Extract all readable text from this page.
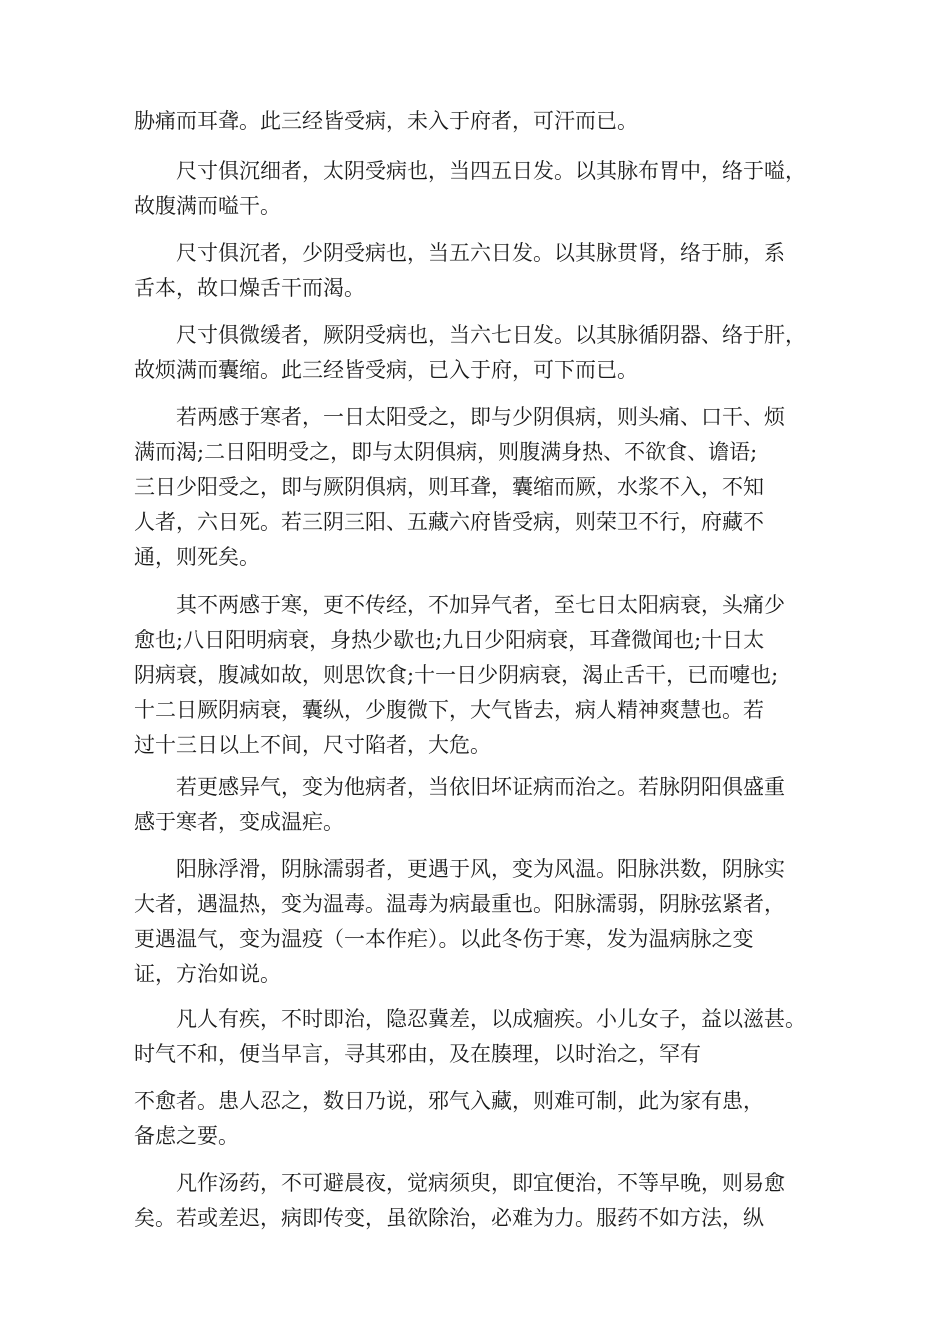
胁痛而耳聋。此三经皆受病，未入于府者，可汗而已。

尺寸俱沉细者，太阴受病也，当四五日发。以其脉布胃中，络于嗌，
故腹满而嗌干。

尺寸俱沉者，少阴受病也，当五六日发。以其脉贯肾，络于肺，系
舌本，故口燥舌干而渴。

尺寸俱微缓者，厥阴受病也，当六七日发。以其脉循阴器、络于肝，
故烦满而囊缩。此三经皆受病，已入于府，可下而已。

若两感于寒者，一日太阳受之，即与少阴俱病，则头痛、口干、烦
满而渴;二日阳明受之，即与太阴俱病，则腹满身热、不欲食、谵语;
三日少阳受之，即与厥阴俱病，则耳聋，囊缩而厥，水浆不入，不知
人者，六日死。若三阴三阳、五藏六府皆受病，则荣卫不行，府藏不
通，则死矣。

其不两感于寒，更不传经，不加异气者，至七日太阳病衰，头痛少
愈也;八日阳明病衰，身热少歇也;九日少阳病衰，耳聋微闻也;十日太
阴病衰，腹减如故，则思饮食;十一日少阴病衰，渴止舌干，已而嚏也;
十二日厥阴病衰，囊纵，少腹微下，大气皆去，病人精神爽慧也。若
过十三日以上不间，尺寸陷者，大危。

若更感异气，变为他病者，当依旧坏证病而治之。若脉阴阳俱盛重
感于寒者，变成温疟。

阳脉浮滑，阴脉濡弱者，更遇于风，变为风温。阳脉洪数，阴脉实
大者，遇温热，变为温毒。温毒为病最重也。阳脉濡弱，阴脉弦紧者，
更遇温气，变为温疫（一本作疟）。以此冬伤于寒，发为温病脉之变
证，方治如说。

凡人有疾，不时即治，隐忍冀差，以成痼疾。小儿女子，益以滋甚。
时气不和，便当早言，寻其邪由，及在腠理，以时治之，罕有

不愈者。患人忍之，数日乃说，邪气入藏，则难可制，此为家有患，
备虑之要。

凡作汤药，不可避晨夜，觉病须臾，即宜便治，不等早晚，则易愈
矣。若或差迟，病即传变，虽欲除治，必难为力。服药不如方法，纵
